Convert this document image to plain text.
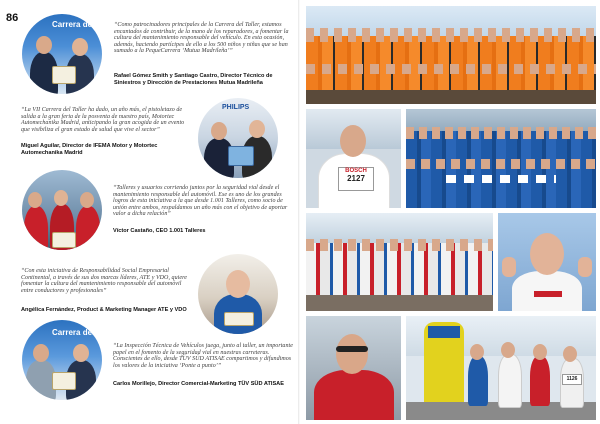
86
Carrera del	“Como patrocinadores principales de la Carrera del Taller, estamos encantados de contribuir, de la mano de los reparadores, a fomentar la cultura del mantenimiento responsable del vehículo. En esta ocasión, además, haciendo partícipes de ello a los 500 niños y niñas que se han sumado a la PequeCarrera ‘Mutua Madrileña’”
Rafael Gómez Smith y Santiago Castro, Director Técnico de Siniestros y Dirección de Prestaciones Mutua Madrileña
“La VII Carrera del Taller ha dado, un año más, el pistoletazo de salida a la gran feria de la posventa de nuestro país, Motortec Automechanika Madrid, anticipando la gran acogida de un evento que visibiliza el gran estado de salud que vive el sector”
Miguel Aguilar, Director de IFEMA Motor y Motortec Automechanika Madrid
PHILIPS
“Talleres y usuarios corriendo juntos por la seguridad vial desde el mantenimiento responsable del automóvil. Ese es uno de los grandes logros de esta iniciativa a la que desde 1.001 Talleres, como socio de unión entre ambos, respaldamos un año más con el objetivo de aportar valor a dicha relación”
Víctor Castaño, CEO 1.001 Talleres
“Con esta iniciativa de Responsabilidad Social Empresarial Continental, a través de sus dos marcas líderes, ATE y VDO, quiere fomentar la cultura del mantenimiento responsable del automóvil entre conductores y profesionales”
Angélica Fernández, Product & Marketing Manager ATE y VDO
Carrera del
“La Inspección Técnica de Vehículos juega, junto al taller, un importante papel en el fomento de la seguridad vial en nuestras carreteras. Conscientes de ello, desde TÜV SÜD ATISAE compartimos y difundimos los valores de la iniciativa ‘Ponte a punto’”
Carlos Morillejo, Director Comercial-Marketing TÜV SÜD ATISAE
BOSCH
2127
1126
